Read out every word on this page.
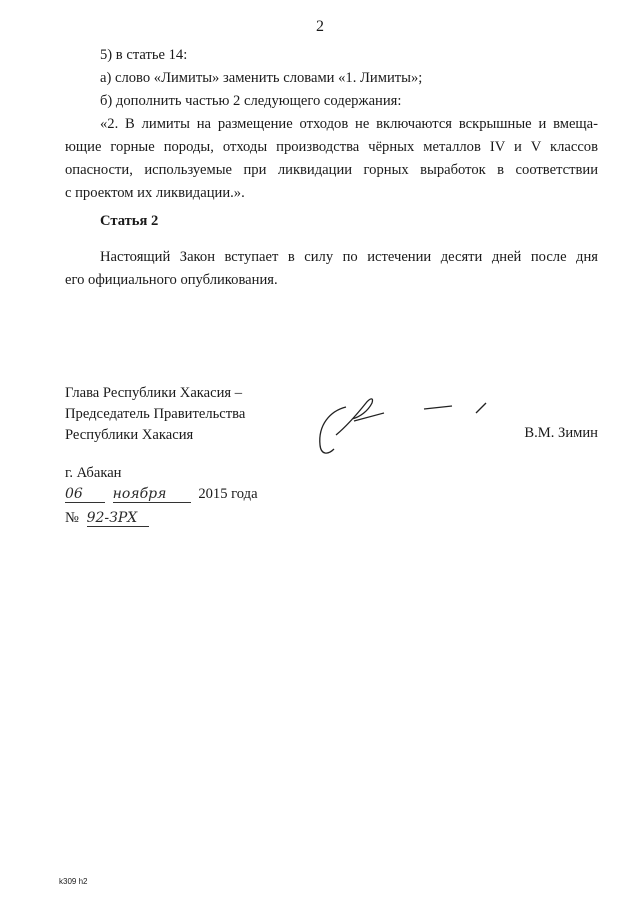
2
5) в статье 14:
а) слово «Лимиты» заменить словами «1. Лимиты»;
б) дополнить частью 2 следующего содержания:
«2. В лимиты на размещение отходов не включаются вскрышные и вмеща-
ющие горные породы, отходы производства чёрных металлов IV и V классов
опасности, используемые при ликвидации горных выработок в соответствии
с проектом их ликвидации.».
Статья 2
Настоящий Закон вступает в силу по истечении десяти дней после дня
его официального опубликования.
Глава Республики Хакасия –
Председатель Правительства
Республики Хакасия	В.М. Зимин
г. Абакан
06 ноября 2015 года
№ 92-ЗРХ
k309 h2
